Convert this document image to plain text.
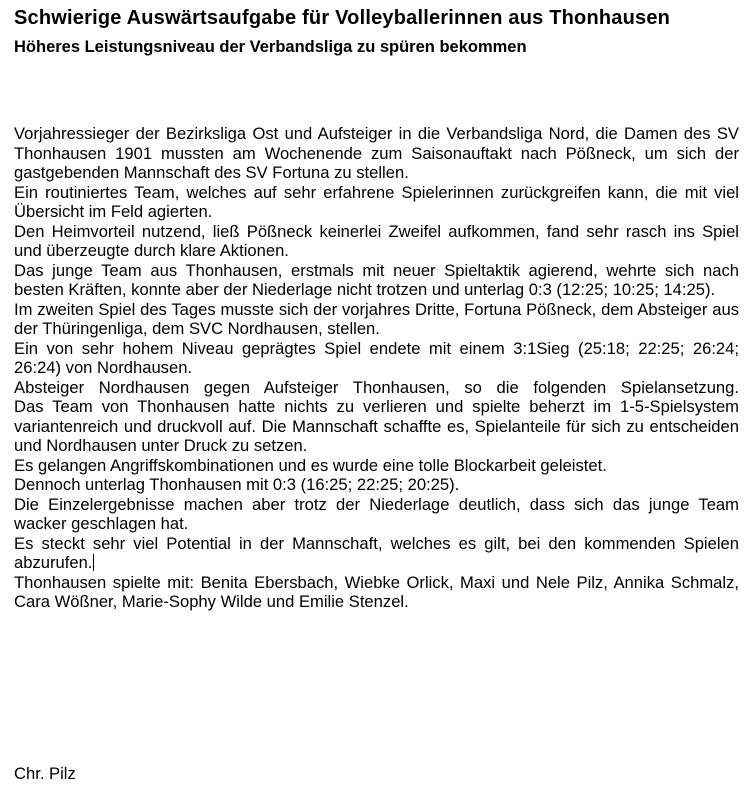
Schwierige Auswärtsaufgabe für Volleyballerinnen aus Thonhausen
Höheres Leistungsniveau der Verbandsliga zu spüren bekommen

Vorjahressieger der Bezirksliga Ost und Aufsteiger in die Verbandsliga Nord, die Damen des SV Thonhausen 1901 mussten am Wochenende zum Saisonauftakt nach Pößneck, um sich der gastgebenden Mannschaft des SV Fortuna zu stellen.

Ein routiniertes Team, welches auf sehr erfahrene Spielerinnen zurückgreifen kann, die mit viel Übersicht im Feld agierten.

Den Heimvorteil nutzend, ließ Pößneck keinerlei Zweifel aufkommen, fand sehr rasch ins Spiel und überzeugte durch klare Aktionen.

Das junge Team aus Thonhausen, erstmals mit neuer Spieltaktik agierend, wehrte sich nach besten Kräften, konnte aber der Niederlage nicht trotzen und unterlag 0:3 (12:25; 10:25; 14:25).

Im zweiten Spiel des Tages musste sich der vorjahres Dritte, Fortuna Pößneck, dem Absteiger aus der Thüringenliga, dem SVC Nordhausen, stellen.

Ein von sehr hohem Niveau geprägtes Spiel endete mit einem 3:1Sieg (25:18; 22:25; 26:24; 26:24) von Nordhausen.

Absteiger Nordhausen gegen Aufsteiger Thonhausen, so die folgenden Spielansetzung.

Das Team von Thonhausen hatte nichts zu verlieren und spielte beherzt im 1-5-Spielsystem variantenreich und druckvoll auf. Die Mannschaft schaffte es, Spielanteile für sich zu entscheiden und Nordhausen unter Druck zu setzen.

Es gelangen Angriffskombinationen und es wurde eine tolle Blockarbeit geleistet.

Dennoch unterlag Thonhausen mit 0:3 (16:25; 22:25; 20:25).

Die Einzelergebnisse machen aber trotz der Niederlage deutlich, dass sich das junge Team wacker geschlagen hat.

Es steckt sehr viel Potential in der Mannschaft, welches es gilt, bei den kommenden Spielen abzurufen.

Thonhausen spielte mit: Benita Ebersbach, Wiebke Orlick, Maxi und Nele Pilz, Annika Schmalz, Cara Wößner, Marie-Sophy Wilde und Emilie Stenzel.

Chr. Pilz
